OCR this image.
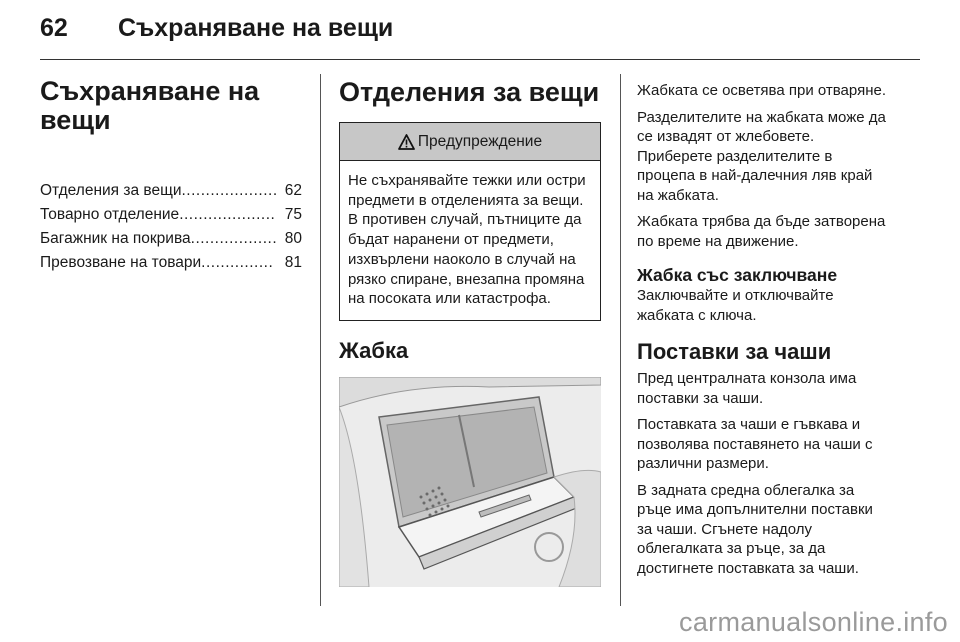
62 Съхраняване на вещи
Съхраняване на
вещи
Отделения за вещи .................... 62
Товарно отделение .................... 75
Багажник на покрива .................. 80
Превозване на товари ............... 81
Отделения за вещи
Предупреждение
Не съхранявайте тежки или остри предмети в отделенията за вещи. В противен случай, пътниците да бъдат наранени от предмети, изхвърлени наоколо в случай на рязко спиране, внезапна промяна на посоката или катастрофа.
Жабка

Жабката се осветява при отваряне.

Разделителите на жабката може да
се извадят от жлебовете.
Приберете разделителите в
процепа в най-далечния ляв край
на жабката.

Жабката трябва да бъде затворена
по време на движение.

Жабка със заключване

Заключвайте и отключвайте
жабката с ключа.

Поставки за чаши

Пред централната конзола има
поставки за чаши.

Поставката за чаши е гъвкава и
позволява поставянето на чаши с
различни размери.

В задната средна облегалка за
ръце има допълнителни поставки
за чаши. Сгънете надолу
облегалката за ръце, за да
достигнете поставката за чаши.

carmanualsonline.info
